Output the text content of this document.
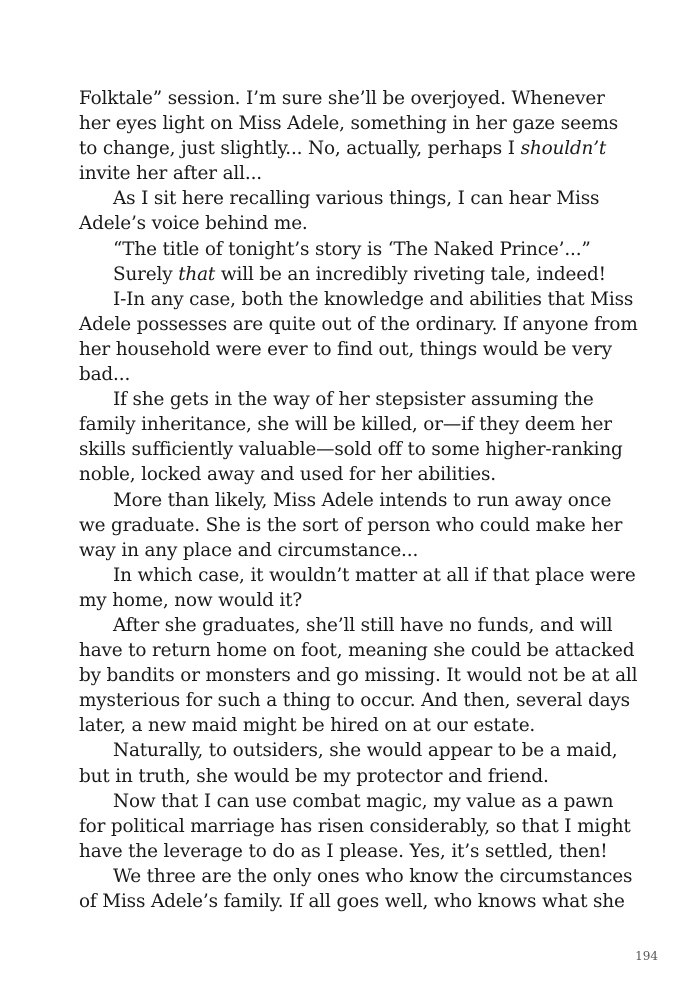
Folktale” session. I’m sure she’ll be overjoyed. Whenever her eyes light on Miss Adele, something in her gaze seems to change, just slightly... No, actually, perhaps I shouldn’t invite her after all...

As I sit here recalling various things, I can hear Miss Adele’s voice behind me.

“The title of tonight’s story is ‘The Naked Prince’...”

Surely that will be an incredibly riveting tale, indeed!

I-In any case, both the knowledge and abilities that Miss Adele possesses are quite out of the ordinary. If anyone from her household were ever to find out, things would be very bad...

If she gets in the way of her stepsister assuming the family inheritance, she will be killed, or—if they deem her skills sufficiently valuable—sold off to some higher-ranking noble, locked away and used for her abilities.

More than likely, Miss Adele intends to run away once we graduate. She is the sort of person who could make her way in any place and circumstance...

In which case, it wouldn’t matter at all if that place were my home, now would it?

After she graduates, she’ll still have no funds, and will have to return home on foot, meaning she could be attacked by bandits or monsters and go missing. It would not be at all mysterious for such a thing to occur. And then, several days later, a new maid might be hired on at our estate.

Naturally, to outsiders, she would appear to be a maid, but in truth, she would be my protector and friend.

Now that I can use combat magic, my value as a pawn for political marriage has risen considerably, so that I might have the leverage to do as I please. Yes, it’s settled, then!

We three are the only ones who know the circumstances of Miss Adele’s family. If all goes well, who knows what she

194
